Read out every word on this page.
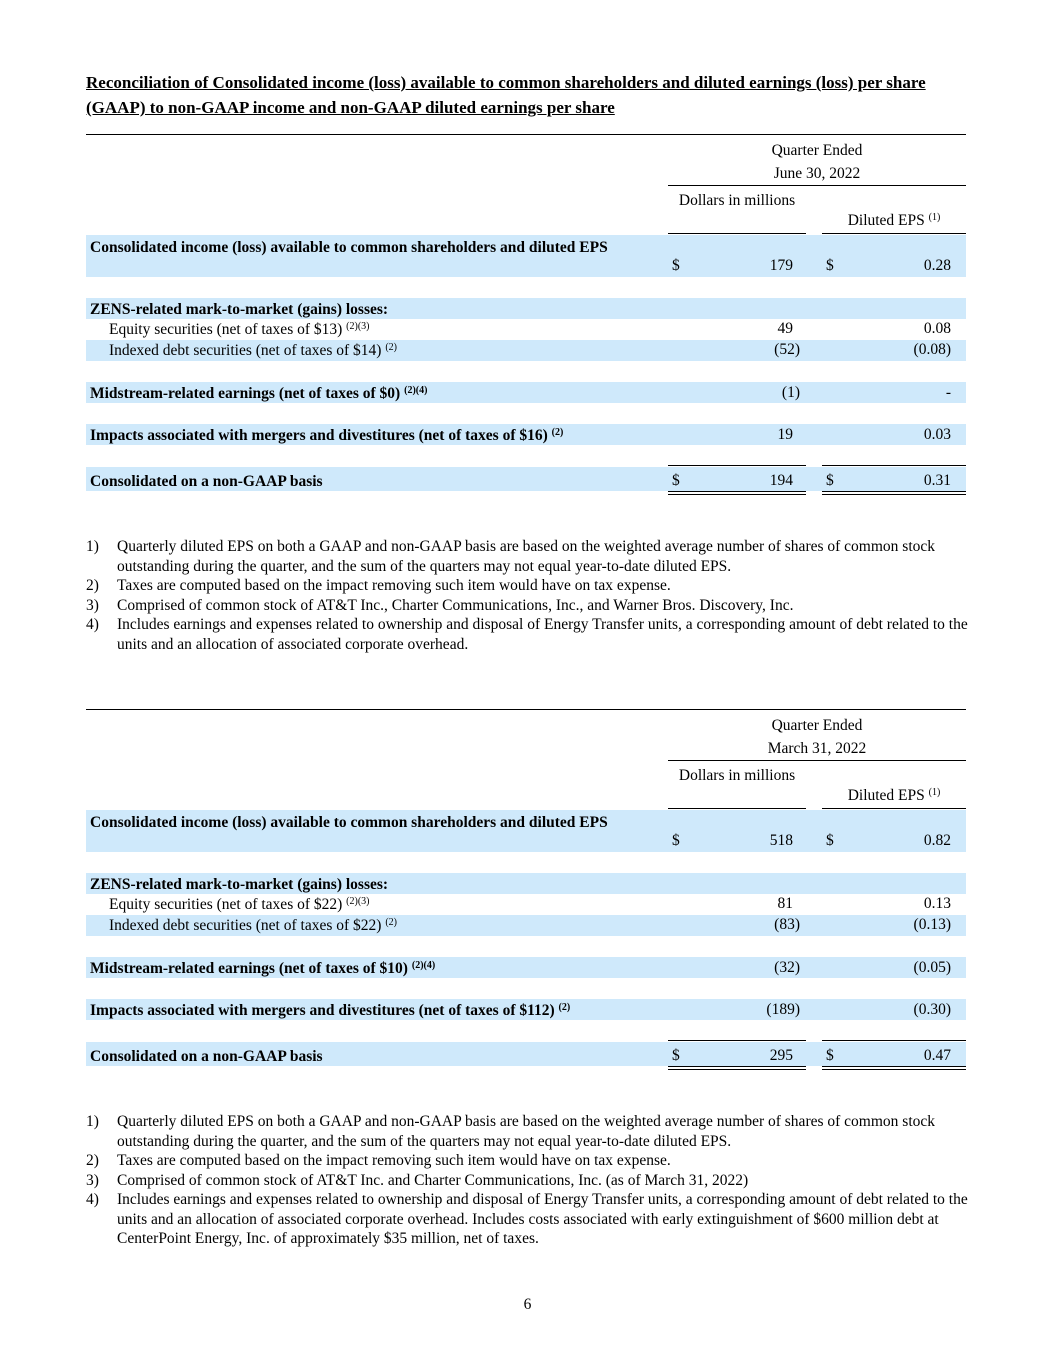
Reconciliation of Consolidated income (loss) available to common shareholders and diluted earnings (loss) per share (GAAP) to non-GAAP income and non-GAAP diluted earnings per share
Quarter Ended
June 30, 2022
Dollars in millions
Diluted EPS $^{(1)}$
Consolidated income (loss) available to common shareholders and diluted EPS
$	179 $	0.28
ZENS-related mark-to-market (gains) losses:
Equity securities (net of taxes of $13) $^{(2)(3)}$	49	0.08
Indexed debt securities (net of taxes of $14) $^{(2)}$	(52)	(0.08)
Midstream-related earnings (net of taxes of $0) $^{(2)(4)}$	(1)	-
Impacts associated with mergers and divestitures (net of taxes of $16) $^{(2)}$	19	0.03
Consolidated on a non-GAAP basis	$	194 $	0.31
1) Quarterly diluted EPS on both a GAAP and non-GAAP basis are based on the weighted average number of shares of common stock outstanding during the quarter, and the sum of the quarters may not equal year-to-date diluted EPS.
2) Taxes are computed based on the impact removing such item would have on tax expense.
3) Comprised of common stock of AT&T Inc., Charter Communications, Inc., and Warner Bros. Discovery, Inc.
4) Includes earnings and expenses related to ownership and disposal of Energy Transfer units, a corresponding amount of debt related to the units and an allocation of associated corporate overhead.
Quarter Ended
March 31, 2022
Dollars in millions
Diluted EPS $^{(1)}$
Consolidated income (loss) available to common shareholders and diluted EPS
$	518 $	0.82
ZENS-related mark-to-market (gains) losses:
Equity securities (net of taxes of $22) $^{(2)(3)}$	81	0.13
Indexed debt securities (net of taxes of $22) $^{(2)}$	(83)	(0.13)
Midstream-related earnings (net of taxes of $10) $^{(2)(4)}$	(32)	(0.05)
Impacts associated with mergers and divestitures (net of taxes of $112) $^{(2)}$	(189)	(0.30)
Consolidated on a non-GAAP basis	$	295 $	0.47
1) Quarterly diluted EPS on both a GAAP and non-GAAP basis are based on the weighted average number of shares of common stock outstanding during the quarter, and the sum of the quarters may not equal year-to-date diluted EPS.
2) Taxes are computed based on the impact removing such item would have on tax expense.
3) Comprised of common stock of AT&T Inc. and Charter Communications, Inc. (as of March 31, 2022)
4) Includes earnings and expenses related to ownership and disposal of Energy Transfer units, a corresponding amount of debt related to the units and an allocation of associated corporate overhead. Includes costs associated with early extinguishment of $600 million debt at CenterPoint Energy, Inc. of approximately $35 million, net of taxes.
6
